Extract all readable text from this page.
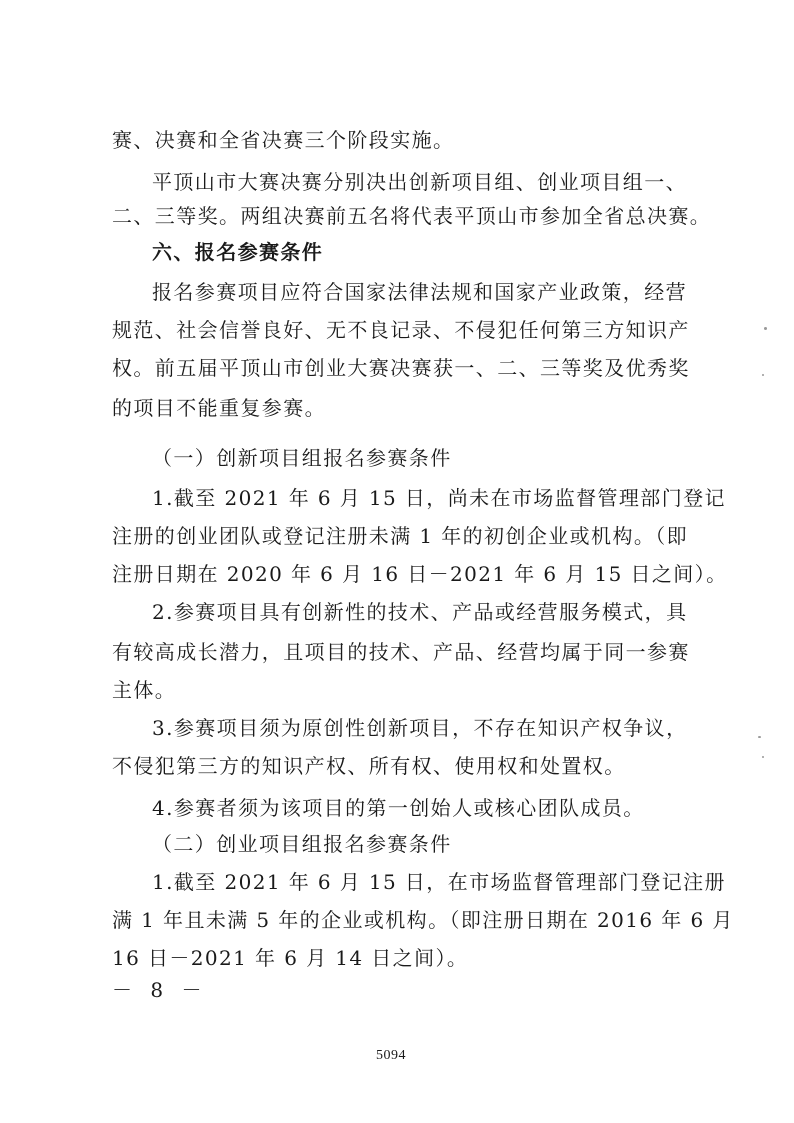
赛、决赛和全省决赛三个阶段实施。
平顶山市大赛决赛分别决出创新项目组、创业项目组一、
二、三等奖。两组决赛前五名将代表平顶山市参加全省总决赛。
六、报名参赛条件
报名参赛项目应符合国家法律法规和国家产业政策，经营
规范、社会信誉良好、无不良记录、不侵犯任何第三方知识产
权。前五届平顶山市创业大赛决赛获一、二、三等奖及优秀奖
的项目不能重复参赛。
（一）创新项目组报名参赛条件
1.截至 2021 年 6 月 15 日，尚未在市场监督管理部门登记
注册的创业团队或登记注册未满 1 年的初创企业或机构。（即
注册日期在 2020 年 6 月 16 日－2021 年 6 月 15 日之间）。
2.参赛项目具有创新性的技术、产品或经营服务模式，具
有较高成长潜力，且项目的技术、产品、经营均属于同一参赛
主体。
3.参赛项目须为原创性创新项目，不存在知识产权争议，
不侵犯第三方的知识产权、所有权、使用权和处置权。
4.参赛者须为该项目的第一创始人或核心团队成员。
（二）创业项目组报名参赛条件
1.截至 2021 年 6 月 15 日，在市场监督管理部门登记注册
满 1 年且未满 5 年的企业或机构。（即注册日期在 2016 年 6 月
16 日－2021 年 6 月 14 日之间）。
－ 8 －
5094
